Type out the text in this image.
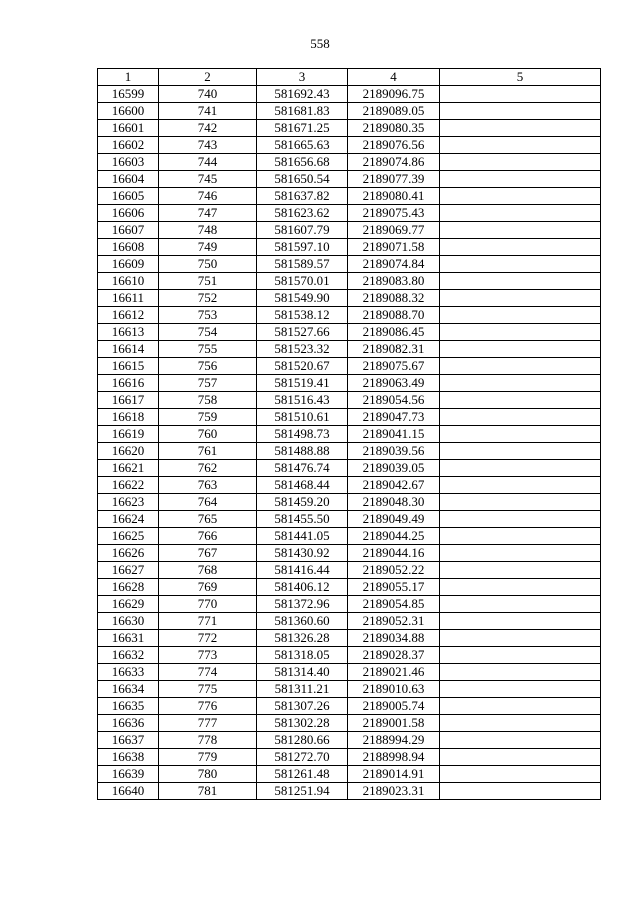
558
1	2	3	4	5
16599	740	581692.43	2189096.75	
16600	741	581681.83	2189089.05	
16601	742	581671.25	2189080.35	
16602	743	581665.63	2189076.56	
16603	744	581656.68	2189074.86	
16604	745	581650.54	2189077.39	
16605	746	581637.82	2189080.41	
16606	747	581623.62	2189075.43	
16607	748	581607.79	2189069.77	
16608	749	581597.10	2189071.58	
16609	750	581589.57	2189074.84	
16610	751	581570.01	2189083.80	
16611	752	581549.90	2189088.32	
16612	753	581538.12	2189088.70	
16613	754	581527.66	2189086.45	
16614	755	581523.32	2189082.31	
16615	756	581520.67	2189075.67	
16616	757	581519.41	2189063.49	
16617	758	581516.43	2189054.56	
16618	759	581510.61	2189047.73	
16619	760	581498.73	2189041.15	
16620	761	581488.88	2189039.56	
16621	762	581476.74	2189039.05	
16622	763	581468.44	2189042.67	
16623	764	581459.20	2189048.30	
16624	765	581455.50	2189049.49	
16625	766	581441.05	2189044.25	
16626	767	581430.92	2189044.16	
16627	768	581416.44	2189052.22	
16628	769	581406.12	2189055.17	
16629	770	581372.96	2189054.85	
16630	771	581360.60	2189052.31	
16631	772	581326.28	2189034.88	
16632	773	581318.05	2189028.37	
16633	774	581314.40	2189021.46	
16634	775	581311.21	2189010.63	
16635	776	581307.26	2189005.74	
16636	777	581302.28	2189001.58	
16637	778	581280.66	2188994.29	
16638	779	581272.70	2188998.94	
16639	780	581261.48	2189014.91	
16640	781	581251.94	2189023.31	
